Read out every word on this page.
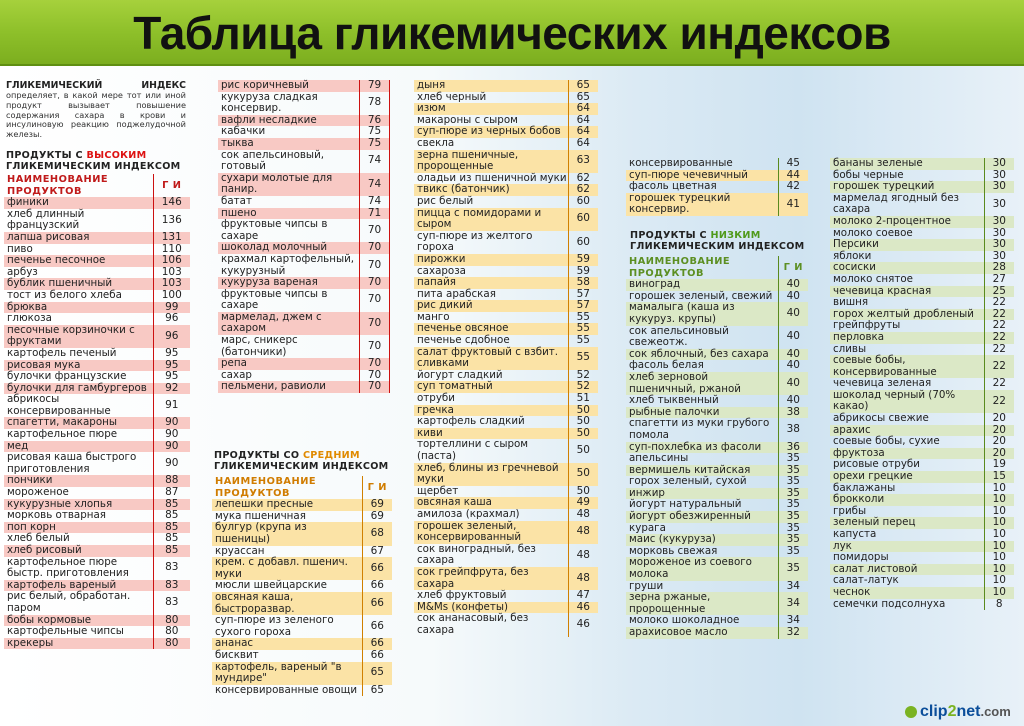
Таблица гликемических индексов
ГЛИКЕМИЧЕСКИЙ ИНДЕКС
определяет, в какой мере тот или иной продукт вызывает повышение содержания сахара в крови и инсулиновую реакцию поджелудочной железы.
ПРОДУКТЫ С ВЫСОКИМ
ГЛИКЕМИЧЕСКИМ ИНДЕКСОМ
НАИМЕНОВАНИЕ ПРОДУКТОВ	Г И
финики	146
хлеб длинный французский	136
лапша рисовая	131
пиво	110
печенье песочное	106
арбуз	103
бублик пшеничный	103
тост из белого хлеба	100
брюква	99
глюкоза	96
песочные корзиночки с фруктами	96
картофель печеный	95
рисовая мука	95
булочки французские	95
булочки для гамбургеров	92
абрикосы консервированные	91
спагетти, макароны	90
картофельное пюре	90
мед	90
рисовая каша быстрого приготовления	90
пончики	88
мороженое	87
кукурузные хлопья	85
морковь отварная	85
поп корн	85
хлеб белый	85
хлеб рисовый	85
картофельное пюре быстр. приготовления	83
картофель вареный	83
рис белый, обработан. паром	83
бобы кормовые	80
картофельные чипсы	80
крекеры	80
рис коричневый	79
кукуруза сладкая консервир.	78
вафли несладкие	76
кабачки	75
тыква	75
сок апельсиновый, готовый	74
сухари молотые для панир.	74
батат	74
пшено	71
фруктовые чипсы в сахаре	70
шоколад молочный	70
крахмал картофельный, кукурузный	70
кукуруза вареная	70
фруктовые чипсы в сахаре	70
мармелад, джем с сахаром	70
марс, сникерс (батончики)	70
репа	70
сахар	70
пельмени, равиоли	70
ПРОДУКТЫ СО СРЕДНИМ
ГЛИКЕМИЧЕСКИМ ИНДЕКСОМ
НАИМЕНОВАНИЕ ПРОДУКТОВ	Г И
лепешки пресные	69
мука пшеничная	69
булгур (крупа из пшеницы)	68
круассан	67
крем. с добавл. пшенич. муки	66
мюсли швейцарские	66
овсяная каша, быстроразвар.	66
суп-пюре из зеленого сухого гороха	66
ананас	66
бисквит	66
картофель, вареный "в мундире"	65
консервированные овощи	65
дыня	65
хлеб черный	65
изюм	64
макароны с сыром	64
суп-пюре из черных бобов	64
свекла	64
зерна пшеничные, пророщенные	63
оладьи из пшеничной муки	62
твикс (батончик)	62
рис белый	60
пицца с помидорами и сыром	60
суп-пюре из желтого гороха	60
пирожки	59
сахароза	59
папайя	58
пита арабская	57
рис дикий	57
манго	55
печенье овсяное	55
печенье сдобное	55
салат фруктовый с взбит. сливками	55
йогурт сладкий	52
суп томатный	52
отруби	51
гречка	50
картофель сладкий	50
киви	50
тортеллини с сыром (паста)	50
хлеб, блины из гречневой муки	50
щербет	50
овсяная каша	49
амилоза (крахмал)	48
горошек зеленый, консервированный	48
сок виноградный, без сахара	48
сок грейпфрута, без сахара	48
хлеб фруктовый	47
M&Ms (конфеты)	46
сок ананасовый, без сахара	46
консервированные	45
суп-пюре чечевичный	44
фасоль цветная	42
горошек турецкий консервир.	41
ПРОДУКТЫ С НИЗКИМ
ГЛИКЕМИЧЕСКИМ ИНДЕКСОМ
НАИМЕНОВАНИЕ ПРОДУКТОВ	Г И
виноград	40
горошек зеленый, свежий	40
мамалыга (каша из кукуруз. крупы)	40
сок апельсиновый свежеотж.	40
сок яблочный, без сахара	40
фасоль белая	40
хлеб зерновой пшеничный, ржаной	40
хлеб тыквенный	40
рыбные палочки	38
спагетти из муки грубого помола	38
суп-похлебка из фасоли	36
апельсины	35
вермишель китайская	35
горох зеленый, сухой	35
инжир	35
йогурт натуральный	35
йогурт обезжиренный	35
курага	35
маис (кукуруза)	35
морковь свежая	35
мороженое из соевого молока	35
груши	34
зерна ржаные, пророщенные	34
молоко шоколадное	34
арахисовое масло	32
бананы зеленые	30
бобы черные	30
горошек турецкий	30
мармелад ягодный без сахара	30
молоко 2-процентное	30
молоко соевое	30
Персики	30
яблоки	30
сосиски	28
молоко снятое	27
чечевица красная	25
вишня	22
горох желтый дробленый	22
грейпфруты	22
перловка	22
сливы	22
соевые бобы, консервированные	22
чечевица зеленая	22
шоколад черный (70% какао)	22
абрикосы свежие	20
арахис	20
соевые бобы, сухие	20
фруктоза	20
рисовые отруби	19
орехи грецкие	15
баклажаны	10
брокколи	10
грибы	10
зеленый перец	10
капуста	10
лук	10
помидоры	10
салат листовой	10
салат-латук	10
чеснок	10
семечки подсолнуха	8
clip2net.com
